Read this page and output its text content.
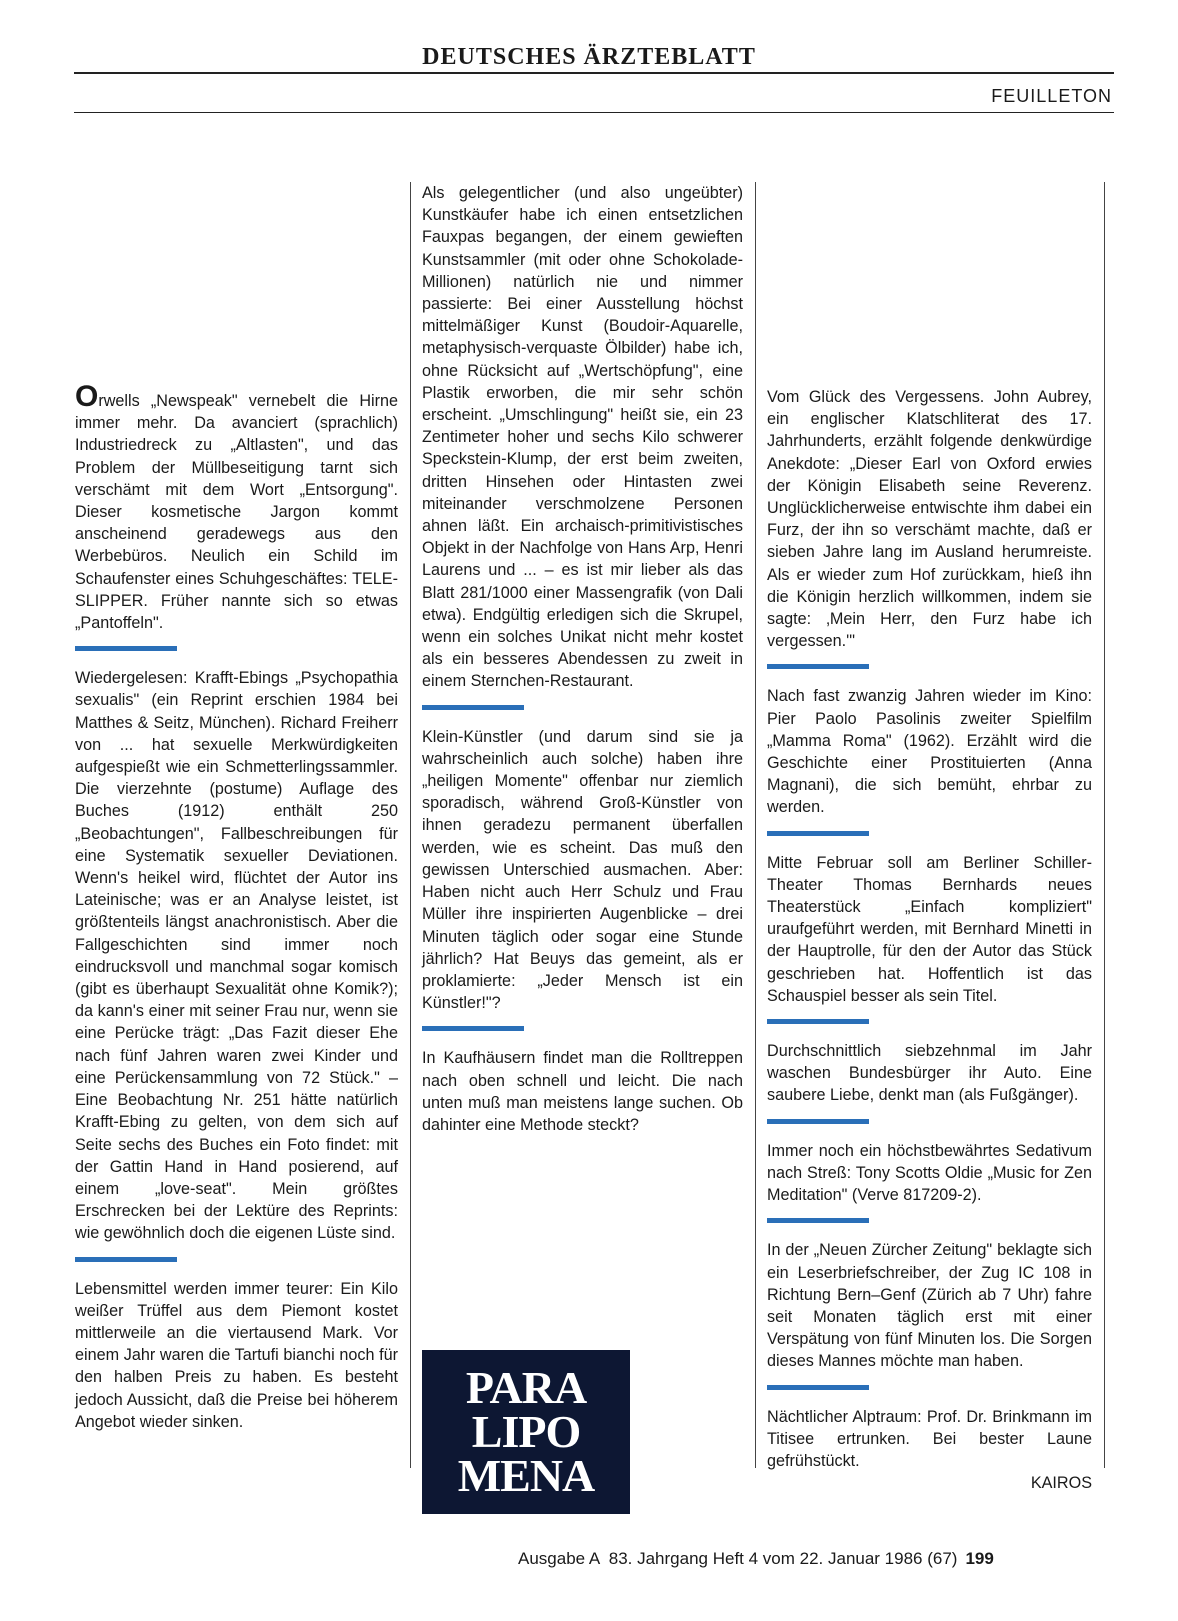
DEUTSCHES ÄRZTEBLATT
FEUILLETON

Orwells „Newspeak" vernebelt die Hirne immer mehr. Da avanciert (sprachlich) Industriedreck zu „Altlasten", und das Problem der Müllbeseitigung tarnt sich verschämt mit dem Wort „Entsorgung". Dieser kosmetische Jargon kommt anscheinend geradewegs aus den Werbebüros. Neulich ein Schild im Schaufenster eines Schuhgeschäftes: TELE-SLIPPER. Früher nannte sich so etwas „Pantoffeln".

Wiedergelesen: Krafft-Ebings „Psychopathia sexualis" (ein Reprint erschien 1984 bei Matthes & Seitz, München). Richard Freiherr von ... hat sexuelle Merkwürdigkeiten aufgespießt wie ein Schmetterlingssammler. Die vierzehnte (postume) Auflage des Buches (1912) enthält 250 „Beobachtungen", Fallbeschreibungen für eine Systematik sexueller Deviationen. Wenn's heikel wird, flüchtet der Autor ins Lateinische; was er an Analyse leistet, ist größtenteils längst anachronistisch. Aber die Fallgeschichten sind immer noch eindrucksvoll und manchmal sogar komisch (gibt es überhaupt Sexualität ohne Komik?); da kann's einer mit seiner Frau nur, wenn sie eine Perücke trägt: „Das Fazit dieser Ehe nach fünf Jahren waren zwei Kinder und eine Perückensammlung von 72 Stück." – Eine Beobachtung Nr. 251 hätte natürlich Krafft-Ebing zu gelten, von dem sich auf Seite sechs des Buches ein Foto findet: mit der Gattin Hand in Hand posierend, auf einem „love-seat". Mein größtes Erschrecken bei der Lektüre des Reprints: wie gewöhnlich doch die eigenen Lüste sind.

Lebensmittel werden immer teurer: Ein Kilo weißer Trüffel aus dem Piemont kostet mittlerweile an die viertausend Mark. Vor einem Jahr waren die Tartufi bianchi noch für den halben Preis zu haben. Es besteht jedoch Aussicht, daß die Preise bei höherem Angebot wieder sinken.

Als gelegentlicher (und also ungeübter) Kunstkäufer habe ich einen entsetzlichen Fauxpas begangen, der einem gewieften Kunstsammler (mit oder ohne Schokolade-Millionen) natürlich nie und nimmer passierte: Bei einer Ausstellung höchst mittelmäßiger Kunst (Boudoir-Aquarelle, metaphysisch-verquaste Ölbilder) habe ich, ohne Rücksicht auf „Wertschöpfung", eine Plastik erworben, die mir sehr schön erscheint. „Umschlingung" heißt sie, ein 23 Zentimeter hoher und sechs Kilo schwerer Speckstein-Klump, der erst beim zweiten, dritten Hinsehen oder Hintasten zwei miteinander verschmolzene Personen ahnen läßt. Ein archaisch-primitivistisches Objekt in der Nachfolge von Hans Arp, Henri Laurens und ... – es ist mir lieber als das Blatt 281/1000 einer Massengrafik (von Dali etwa). Endgültig erledigen sich die Skrupel, wenn ein solches Unikat nicht mehr kostet als ein besseres Abendessen zu zweit in einem Sternchen-Restaurant.

Klein-Künstler (und darum sind sie ja wahrscheinlich auch solche) haben ihre „heiligen Momente" offenbar nur ziemlich sporadisch, während Groß-Künstler von ihnen geradezu permanent überfallen werden, wie es scheint. Das muß den gewissen Unterschied ausmachen. Aber: Haben nicht auch Herr Schulz und Frau Müller ihre inspirierten Augenblicke – drei Minuten täglich oder sogar eine Stunde jährlich? Hat Beuys das gemeint, als er proklamierte: „Jeder Mensch ist ein Künstler!"?

In Kaufhäusern findet man die Rolltreppen nach oben schnell und leicht. Die nach unten muß man meistens lange suchen. Ob dahinter eine Methode steckt?

PARA
LIPO
MENA

Vom Glück des Vergessens. John Aubrey, ein englischer Klatschliterat des 17. Jahrhunderts, erzählt folgende denkwürdige Anekdote: „Dieser Earl von Oxford erwies der Königin Elisabeth seine Reverenz. Unglücklicherweise entwischte ihm dabei ein Furz, der ihn so verschämt machte, daß er sieben Jahre lang im Ausland herumreiste. Als er wieder zum Hof zurückkam, hieß ihn die Königin herzlich willkommen, indem sie sagte: ‚Mein Herr, den Furz habe ich vergessen.'"

Nach fast zwanzig Jahren wieder im Kino: Pier Paolo Pasolinis zweiter Spielfilm „Mamma Roma" (1962). Erzählt wird die Geschichte einer Prostituierten (Anna Magnani), die sich bemüht, ehrbar zu werden.

Mitte Februar soll am Berliner Schiller-Theater Thomas Bernhards neues Theaterstück „Einfach kompliziert" uraufgeführt werden, mit Bernhard Minetti in der Hauptrolle, für den der Autor das Stück geschrieben hat. Hoffentlich ist das Schauspiel besser als sein Titel.

Durchschnittlich siebzehnmal im Jahr waschen Bundesbürger ihr Auto. Eine saubere Liebe, denkt man (als Fußgänger).

Immer noch ein höchstbewährtes Sedativum nach Streß: Tony Scotts Oldie „Music for Zen Meditation" (Verve 817209-2).

In der „Neuen Zürcher Zeitung" beklagte sich ein Leserbriefschreiber, der Zug IC 108 in Richtung Bern–Genf (Zürich ab 7 Uhr) fahre seit Monaten täglich erst mit einer Verspätung von fünf Minuten los. Die Sorgen dieses Mannes möchte man haben.

Nächtlicher Alptraum: Prof. Dr. Brinkmann im Titisee ertrunken. Bei bester Laune gefrühstückt.

KAIROS
Ausgabe A  83. Jahrgang Heft 4 vom 22. Januar 1986 (67) 199
